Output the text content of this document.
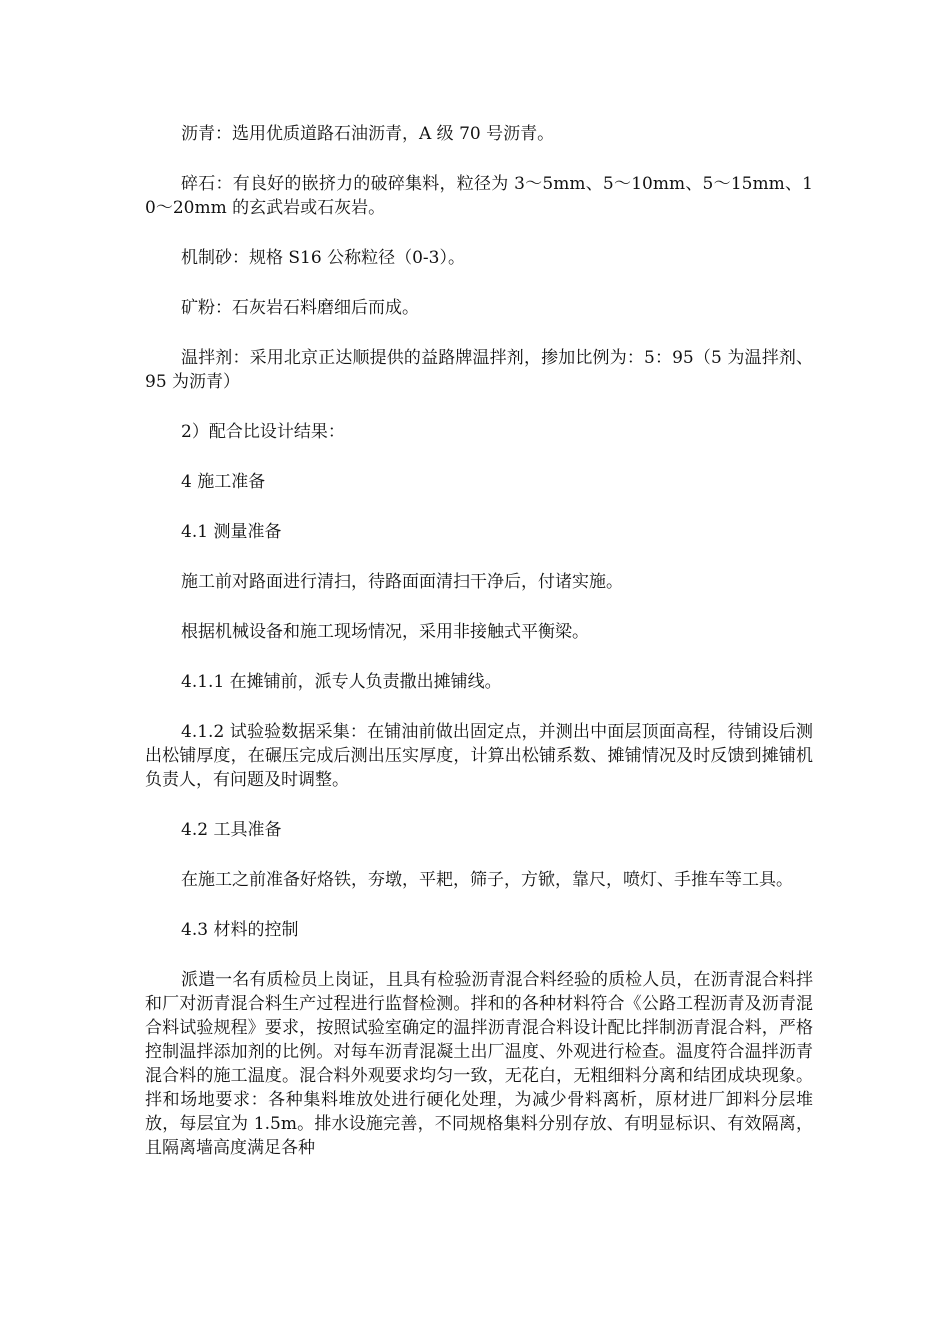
沥青：选用优质道路石油沥青，A 级 70 号沥青。

碎石：有良好的嵌挤力的破碎集料，粒径为 3～5mm、5～10mm、5～15mm、10～20mm 的玄武岩或石灰岩。

机制砂：规格 S16 公称粒径（0-3）。

矿粉：石灰岩石料磨细后而成。

温拌剂：采用北京正达顺提供的益路牌温拌剂，掺加比例为：5：95（5 为温拌剂、95 为沥青）

2）配合比设计结果：

4 施工准备

4.1 测量准备

施工前对路面进行清扫，待路面面清扫干净后，付诸实施。

根据机械设备和施工现场情况，采用非接触式平衡梁。

4.1.1 在摊铺前，派专人负责撒出摊铺线。

4.1.2 试验验数据采集：在铺油前做出固定点，并测出中面层顶面高程，待铺设后测出松铺厚度，在碾压完成后测出压实厚度，计算出松铺系数、摊铺情况及时反馈到摊铺机负责人，有问题及时调整。

4.2 工具准备

在施工之前准备好烙铁，夯墩，平耙，筛子，方锨，靠尺，喷灯、手推车等工具。

4.3 材料的控制

派遣一名有质检员上岗证，且具有检验沥青混合料经验的质检人员，在沥青混合料拌和厂对沥青混合料生产过程进行监督检测。拌和的各种材料符合《公路工程沥青及沥青混合料试验规程》要求，按照试验室确定的温拌沥青混合料设计配比拌制沥青混合料，严格控制温拌添加剂的比例。对每车沥青混凝土出厂温度、外观进行检查。温度符合温拌沥青混合料的施工温度。混合料外观要求均匀一致，无花白，无粗细料分离和结团成块现象。拌和场地要求：各种集料堆放处进行硬化处理，为减少骨料离析，原材进厂卸料分层堆放，每层宜为 1.5m。排水设施完善，不同规格集料分别存放、有明显标识、有效隔离，且隔离墙高度满足各种
